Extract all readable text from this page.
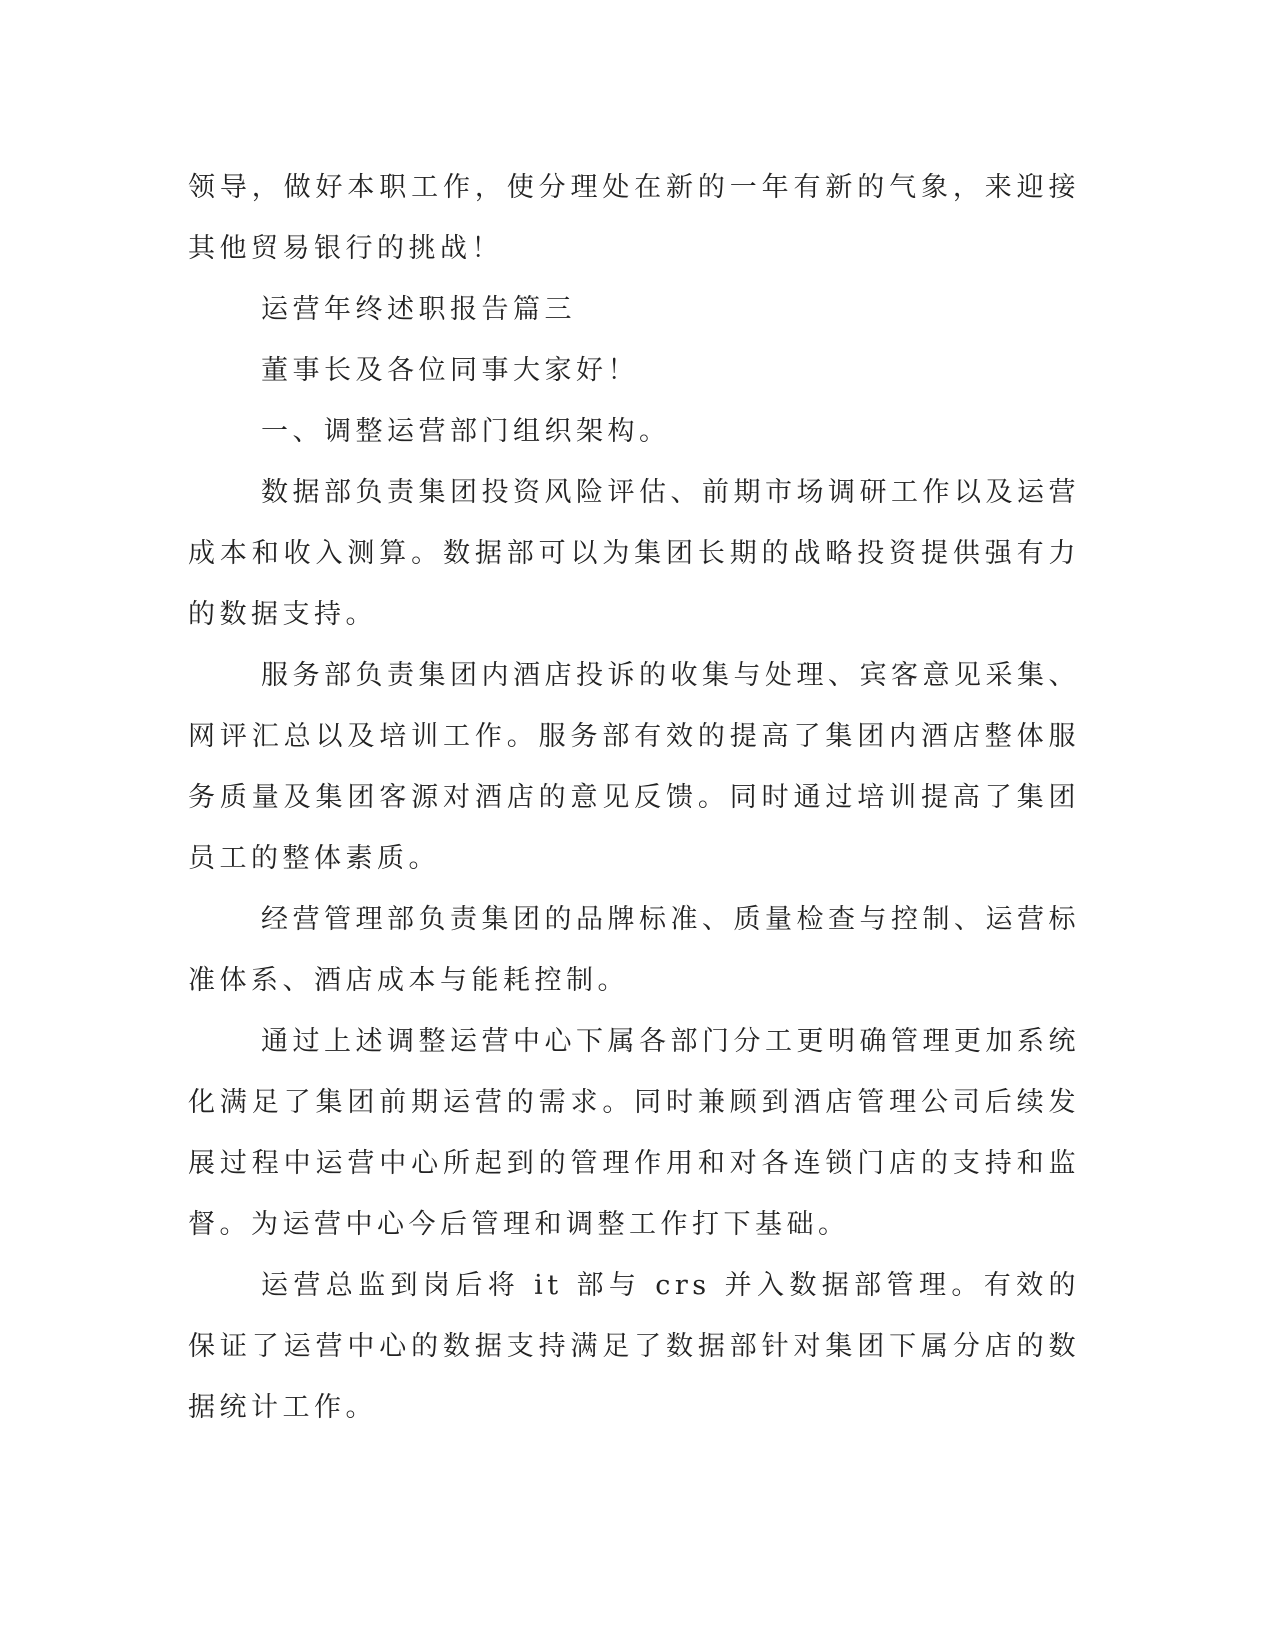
领导，做好本职工作，使分理处在新的一年有新的气象，来迎接其他贸易银行的挑战！

运营年终述职报告篇三

董事长及各位同事大家好！

一、调整运营部门组织架构。

数据部负责集团投资风险评估、前期市场调研工作以及运营成本和收入测算。数据部可以为集团长期的战略投资提供强有力的数据支持。

服务部负责集团内酒店投诉的收集与处理、宾客意见采集、网评汇总以及培训工作。服务部有效的提高了集团内酒店整体服务质量及集团客源对酒店的意见反馈。同时通过培训提高了集团员工的整体素质。

经营管理部负责集团的品牌标准、质量检查与控制、运营标准体系、酒店成本与能耗控制。

通过上述调整运营中心下属各部门分工更明确管理更加系统化满足了集团前期运营的需求。同时兼顾到酒店管理公司后续发展过程中运营中心所起到的管理作用和对各连锁门店的支持和监督。为运营中心今后管理和调整工作打下基础。

运营总监到岗后将 it 部与 crs 并入数据部管理。有效的保证了运营中心的数据支持满足了数据部针对集团下属分店的数据统计工作。
